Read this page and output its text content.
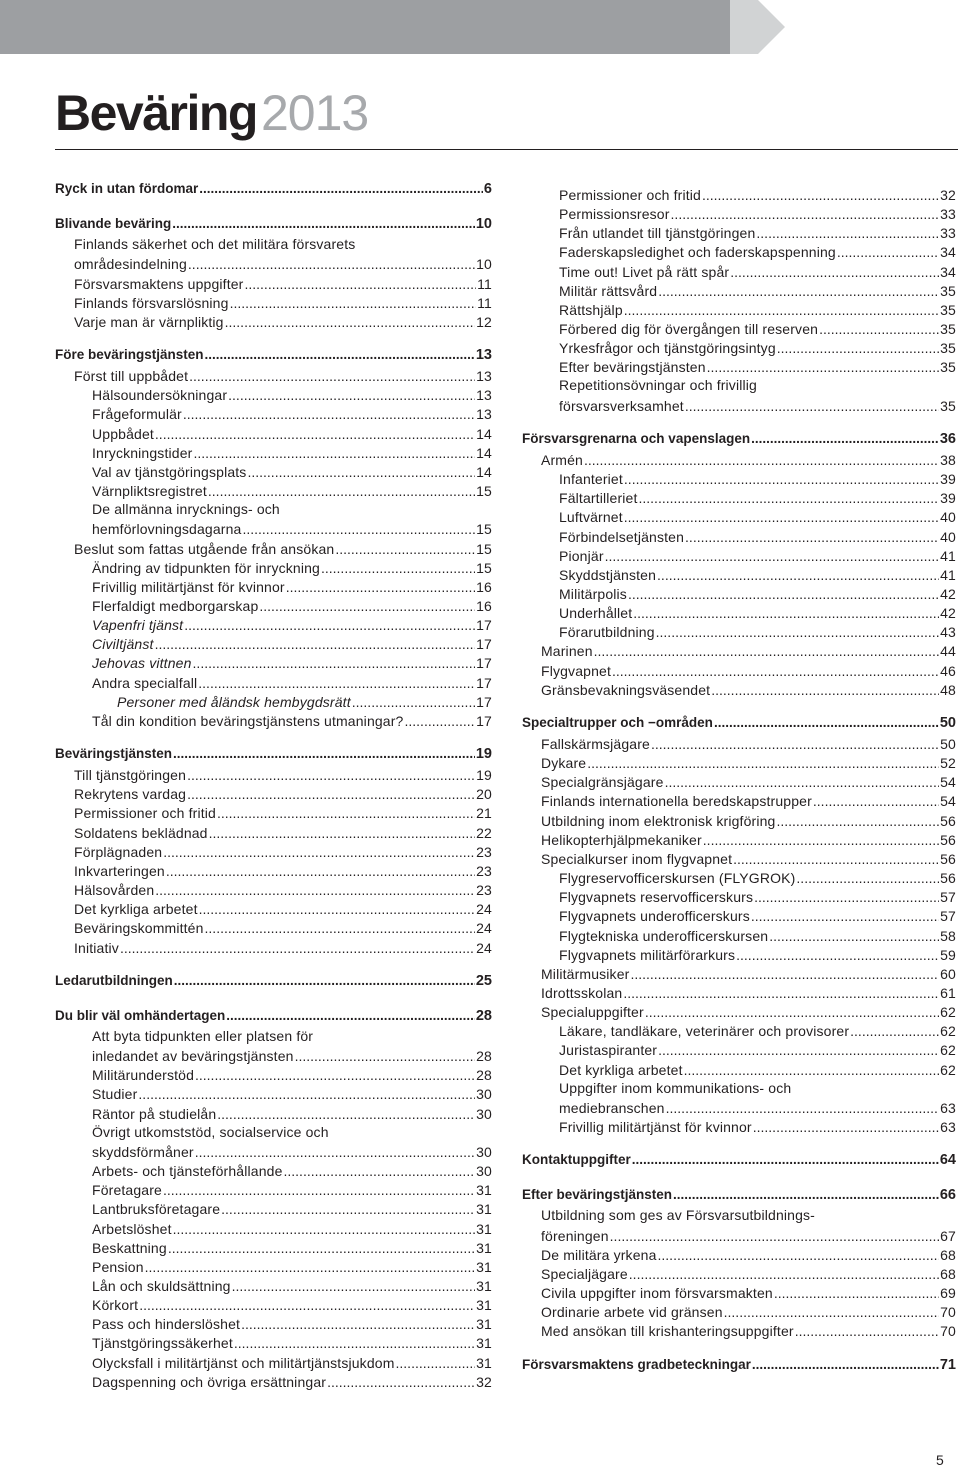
Beväring2013
Ryck in utan fördomar .....	6
Blivande beväring .....	10
Finlands säkerhet och det militära försvarets
områdesindelning .....	10
Försvarsmaktens uppgifter .....	11
Finlands försvarslösning .....	11
Varje man är värnpliktig .....	12
Före beväringstjänsten .....	13
Först till uppbådet .....	13
Hälsoundersökningar .....	13
Frågeformulär .....	13
Uppbådet .....	14
Inryckningstider .....	14
Val av tjänstgöringsplats .....	14
Värnpliktsregistret .....	15
De allmänna inrycknings- och
hemförlovningsdagarna .....	15
Beslut som fattas utgående från ansökan .....	15
Ändring av tidpunkten för inryckning .....	15
Frivillig militärtjänst för kvinnor .....	16
Flerfaldigt medborgarskap .....	16
Vapenfri tjänst .....	17
Civiltjänst .....	17
Jehovas vittnen .....	17
Andra specialfall .....	17
Personer med åländsk hembygdsrätt .....	17
Tål din kondition beväringstjänstens utmaningar? .....	17
Beväringstjänsten .....	19
Till tjänstgöringen .....	19
Rekrytens vardag .....	20
Permissioner och fritid .....	21
Soldatens beklädnad .....	22
Förplägnaden .....	23
Inkvarteringen .....	23
Hälsovården .....	23
Det kyrkliga arbetet .....	24
Beväringskommittén .....	24
Initiativ .....	24
Ledarutbildningen .....	25
Du blir väl omhändertagen .....	28
Att byta tidpunkten eller platsen för
inledandet av beväringstjänsten .....	28
Militärunderstöd .....	28
Studier .....	30
Räntor på studielån .....	30
Övrigt utkomststöd, socialservice och
skyddsförmåner .....	30
Arbets- och tjänsteförhållande .....	30
Företagare .....	31
Lantbruksföretagare .....	31
Arbetslöshet .....	31
Beskattning .....	31
Pension .....	31
Lån och skuldsättning .....	31
Körkort .....	31
Pass och hinderslöshet .....	31
Tjänstgöringssäkerhet .....	31
Olycksfall i militärtjänst och militärtjänstsjukdom .....	31
Dagspenning och övriga ersättningar .....	32
Permissioner och fritid .....	32
Permissionsresor .....	33
Från utlandet till tjänstgöringen .....	33
Faderskapsledighet och faderskapspenning .....	34
Time out! Livet på rätt spår .....	34
Militär rättsvård .....	35
Rättshjälp .....	35
Förbered dig för övergången till reserven .....	35
Yrkesfrågor och tjänstgöringsintyg .....	35
Efter beväringstjänsten .....	35
Repetitionsövningar och frivillig
försvarsverksamhet .....	35
Försvarsgrenarna och vapenslagen .....	36
Armén .....	38
Infanteriet .....	39
Fältartilleriet .....	39
Luftvärnet .....	40
Förbindelsetjänsten .....	40
Pionjär .....	41
Skyddstjänsten .....	41
Militärpolis .....	42
Underhållet .....	42
Förarutbildning .....	43
Marinen .....	44
Flygvapnet .....	46
Gränsbevakningsväsendet .....	48
Specialtrupper och −områden .....	50
Fallskärmsjägare .....	50
Dykare .....	52
Specialgränsjägare .....	54
Finlands internationella beredskapstrupper .....	54
Utbildning inom elektronisk krigföring .....	56
Helikopterhjälpmekaniker .....	56
Specialkurser inom flygvapnet .....	56
Flygreservofficerskursen (FLYGROK) .....	56
Flygvapnets reservofficerskurs .....	57
Flygvapnets underofficerskurs .....	57
Flygtekniska underofficerskursen .....	58
Flygvapnets militärförarkurs .....	59
Militärmusiker .....	60
Idrottsskolan .....	61
Specialuppgifter .....	62
Läkare, tandläkare, veterinärer och provisorer .....	62
Juristaspiranter .....	62
Det kyrkliga arbetet .....	62
Uppgifter inom kommunikations- och
mediebranschen .....	63
Frivillig militärtjänst för kvinnor .....	63
Kontaktuppgifter .....	64
Efter beväringstjänsten .....	66
Utbildning som ges av Försvarsutbildnings-
föreningen .....	67
De militära yrkena .....	68
Specialjägare .....	68
Civila uppgifter inom försvarsmakten .....	69
Ordinarie arbete vid gränsen .....	70
Med ansökan till krishanteringsuppgifter .....	70
Försvarsmaktens gradbeteckningar .....	71
5
